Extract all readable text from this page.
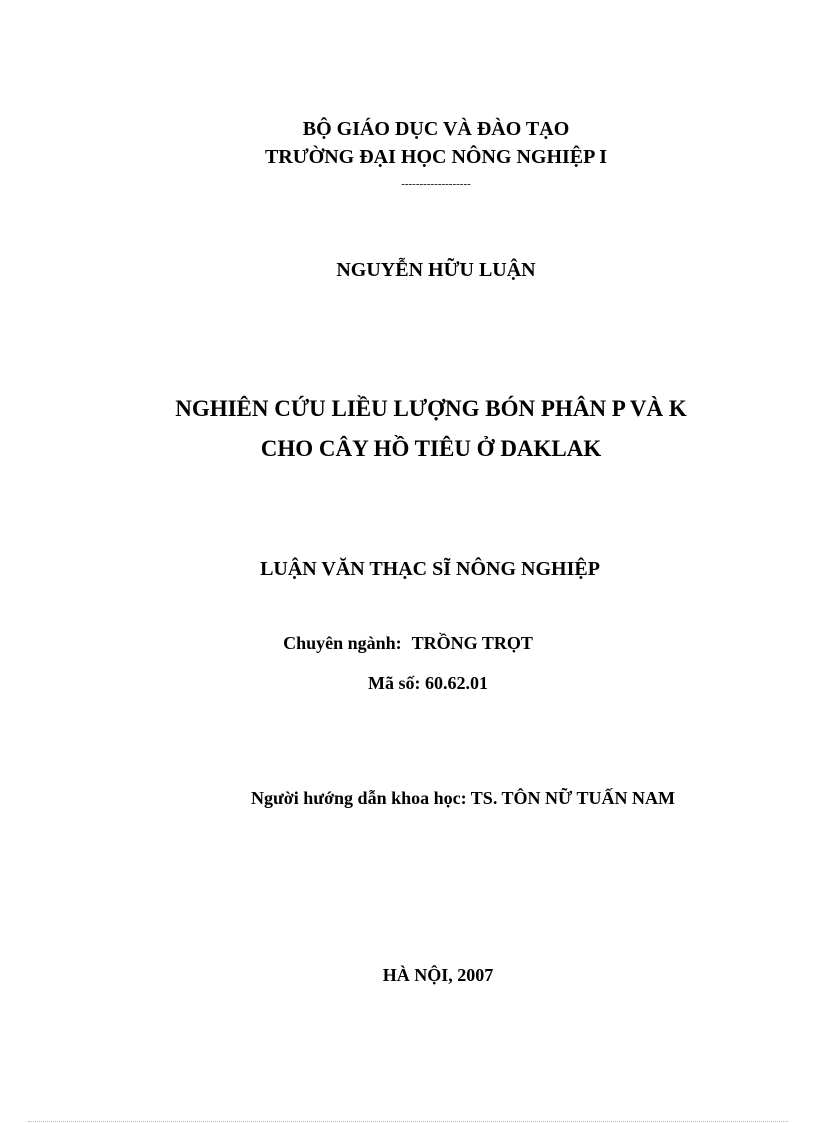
BỘ GIÁO DỤC VÀ ĐÀO TẠO
TRƯỜNG ĐẠI HỌC NÔNG NGHIỆP I
-------------------
NGUYỄN HỮU LUẬN
NGHIÊN CỨU LIỀU LƯỢNG BÓN PHÂN P VÀ K
CHO CÂY HỒ TIÊU Ở DAKLAK
LUẬN VĂN THẠC SĨ NÔNG NGHIỆP
Chuyên ngành: TRỒNG TRỌT
Mã số: 60.62.01
Người hướng dẫn khoa học: TS. TÔN NỮ TUẤN NAM
HÀ NỘI, 2007
